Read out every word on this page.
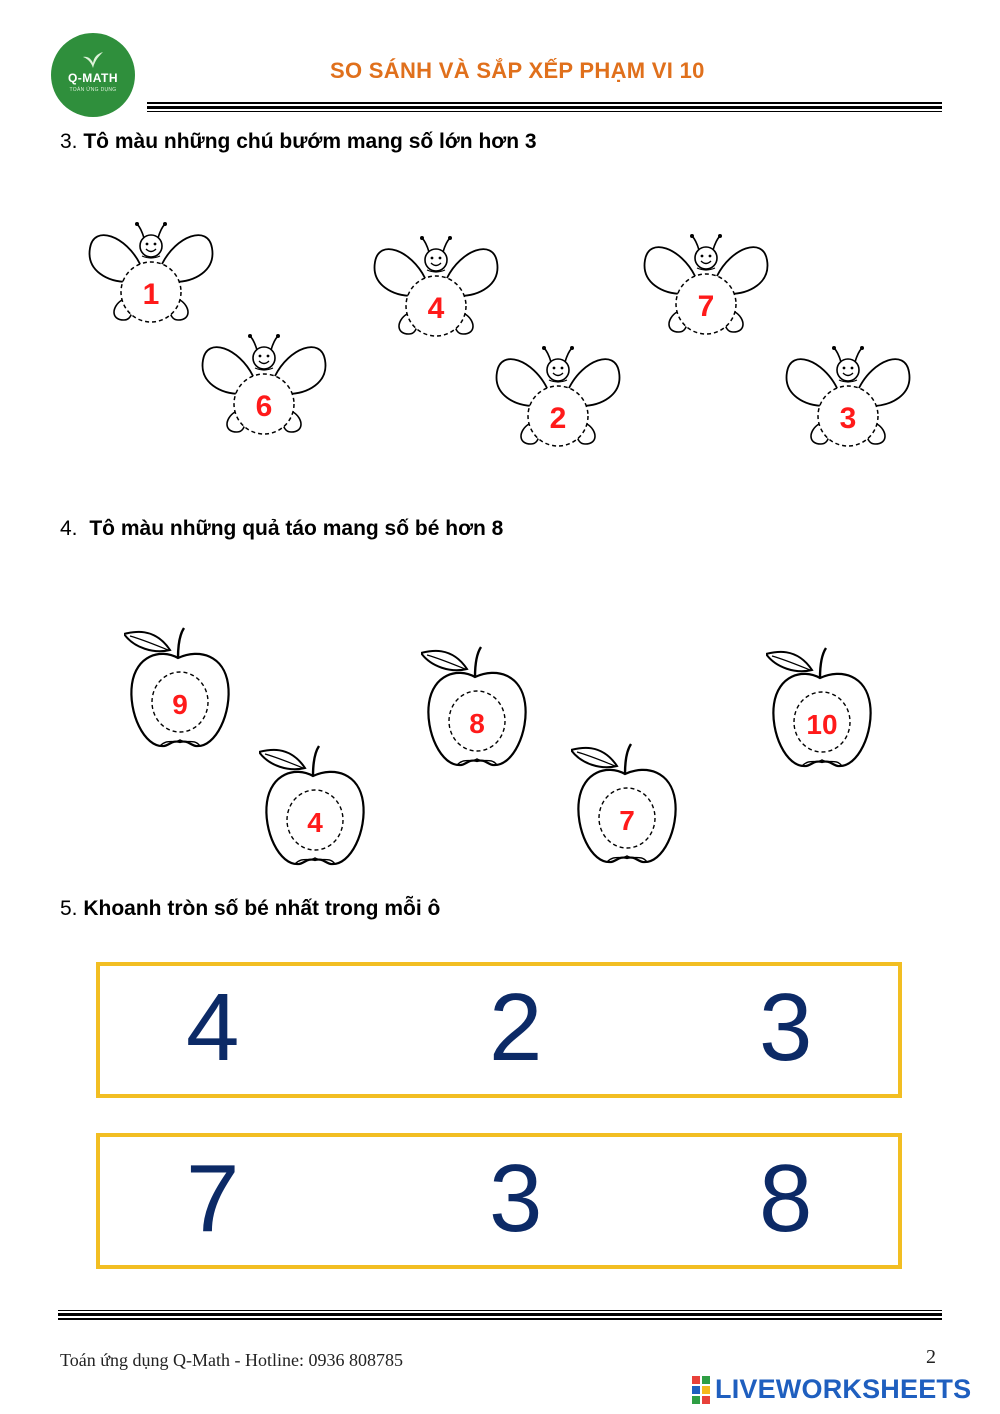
Q-MATH
TOÁN ỨNG DỤNG
SO SÁNH VÀ SẮP XẾP PHẠM VI 10
3. Tô màu những chú bướm mang số lớn hơn 3
1	4	7
6	2	3
4. Tô màu những quả táo mang số bé hơn 8
9
8	10
4	7
5. Khoanh tròn số bé nhất trong mỗi ô
4	2 3
7	3 8
Toán ứng dụng Q-Math - Hotline: 0936 808785	2
LIVEWORKSHEETS
